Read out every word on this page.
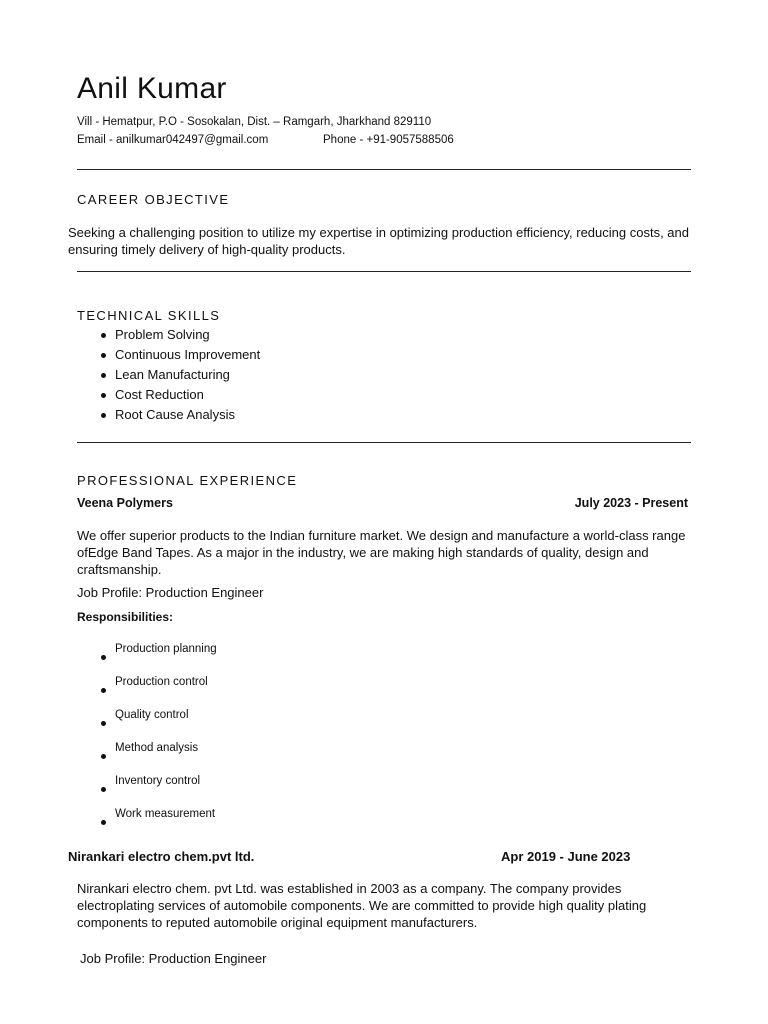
Anil Kumar
Vill - Hematpur, P.O - Sosokalan, Dist. – Ramgarh, Jharkhand 829110
Email - anilkumar042497@gmail.com	Phone - +91-9057588506
CAREER OBJECTIVE
Seeking a challenging position to utilize my expertise in optimizing production efficiency, reducing costs, and ensuring timely delivery of high-quality products.
TECHNICAL SKILLS
Problem Solving
Continuous Improvement
Lean Manufacturing
Cost Reduction
Root Cause Analysis
PROFESSIONAL EXPERIENCE
Veena Polymers	July 2023 - Present
We offer superior products to the Indian furniture market. We design and manufacture a world-class range ofEdge Band Tapes. As a major in the industry, we are making high standards of quality, design and craftsmanship.
Job Profile: Production Engineer
Responsibilities:
Production planning
Production control
Quality control
Method analysis
Inventory control
Work measurement
Nirankari electro chem.pvt ltd.	Apr 2019 - June 2023
Nirankari electro chem. pvt Ltd. was established in 2003 as a company. The company provides electroplating services of automobile components. We are committed to provide high quality plating components to reputed automobile original equipment manufacturers.
Job Profile: Production Engineer
